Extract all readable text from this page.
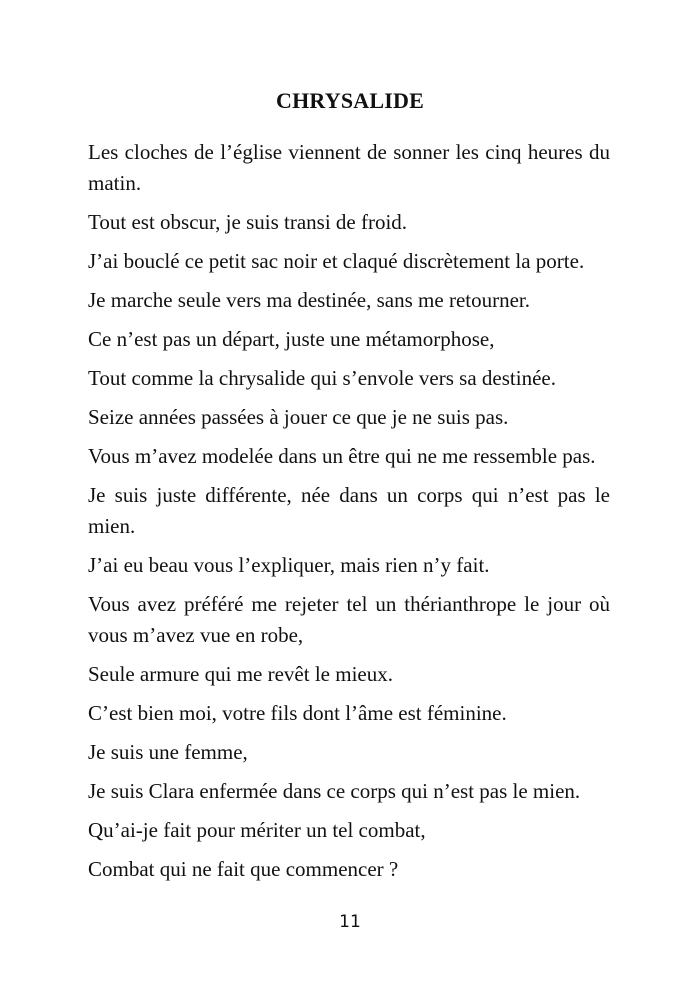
CHRYSALIDE

Les cloches de l’église viennent de sonner les cinq heures du matin.

Tout est obscur, je suis transi de froid.

J’ai bouclé ce petit sac noir et claqué discrètement la porte.

Je marche seule vers ma destinée, sans me retourner.

Ce n’est pas un départ, juste une métamorphose,

Tout comme la chrysalide qui s’envole vers sa destinée.

Seize années passées à jouer ce que je ne suis pas.

Vous m’avez modelée dans un être qui ne me ressemble pas.

Je suis juste différente, née dans un corps qui n’est pas le mien.

J’ai eu beau vous l’expliquer, mais rien n’y fait.

Vous avez préféré me rejeter tel un thérianthrope le jour où vous m’avez vue en robe,

Seule armure qui me revêt le mieux.

C’est bien moi, votre fils dont l’âme est féminine.

Je suis une femme,

Je suis Clara enfermée dans ce corps qui n’est pas le mien.

Qu’ai-je fait pour mériter un tel combat,

Combat qui ne fait que commencer ?

11
